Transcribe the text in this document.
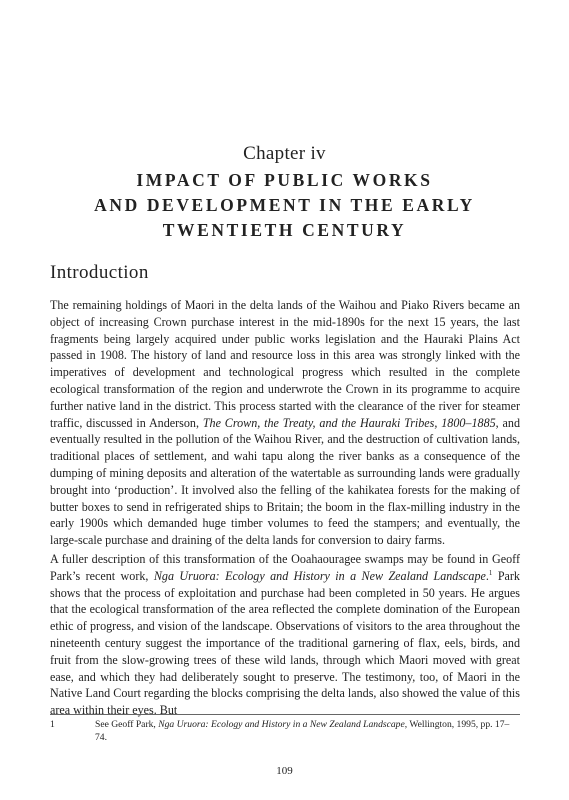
Chapter iv
IMPACT OF PUBLIC WORKS
AND DEVELOPMENT IN THE EARLY
TWENTIETH CENTURY
Introduction

The remaining holdings of Maori in the delta lands of the Waihou and Piako Rivers became an object of increasing Crown purchase interest in the mid-1890s for the next 15 years, the last fragments being largely acquired under public works legislation and the Hauraki Plains Act passed in 1908. The history of land and resource loss in this area was strongly linked with the imperatives of development and technological progress which resulted in the complete ecological transformation of the region and underwrote the Crown in its programme to acquire further native land in the district. This process started with the clearance of the river for steamer traffic, discussed in Anderson, The Crown, the Treaty, and the Hauraki Tribes, 1800–1885, and eventually resulted in the pollution of the Waihou River, and the destruction of cultivation lands, traditional places of settlement, and wahi tapu along the river banks as a consequence of the dumping of mining deposits and alteration of the watertable as surrounding lands were gradually brought into ‘production’. It involved also the felling of the kahikatea forests for the making of butter boxes to send in refrigerated ships to Britain; the boom in the flax-milling industry in the early 1900s which demanded huge timber volumes to feed the stampers; and eventually, the large-scale purchase and draining of the delta lands for conversion to dairy farms.

A fuller description of this transformation of the Ooahaouragee swamps may be found in Geoff Park’s recent work, Nga Uruora: Ecology and History in a New Zealand Landscape.$^1$ Park shows that the process of exploitation and purchase had been completed in 50 years. He argues that the ecological transformation of the area reflected the complete domination of the European ethic of progress, and vision of the landscape. Observations of visitors to the area throughout the nineteenth century suggest the importance of the traditional garnering of flax, eels, birds, and fruit from the slow-growing trees of these wild lands, through which Maori moved with great ease, and which they had deliberately sought to preserve. The testimony, too, of Maori in the Native Land Court regarding the blocks comprising the delta lands, also showed the value of this area within their eyes. But

1	See Geoff Park, Nga Uruora: Ecology and History in a New Zealand Landscape, Wellington, 1995, pp. 17–74.
109
